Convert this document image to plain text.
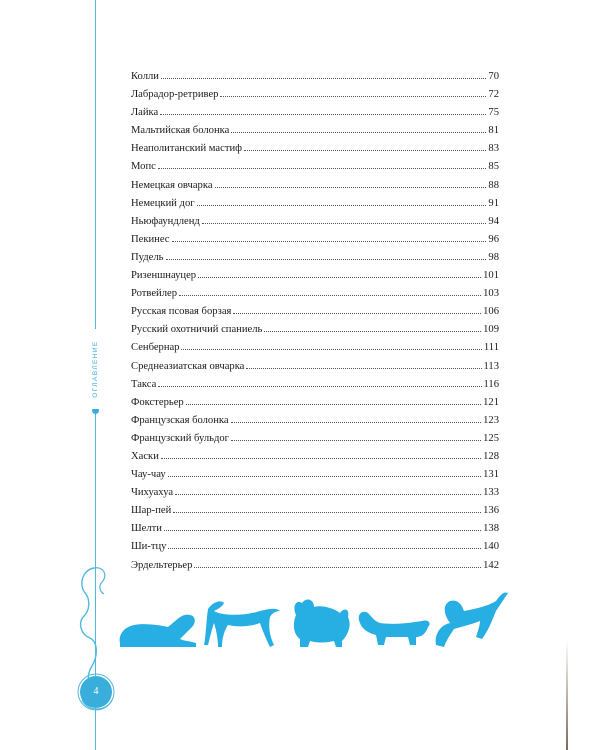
ОГЛАВЛЕНИЕ
Колли	70
Лабрадор-ретривер	72
Лайка	75
Мальтийская болонка	81
Неаполитанский мастиф	83
Мопс	85
Немецкая овчарка	88
Немецкий дог	91
Ньюфаундленд	94
Пекинес	96
Пудель	98
Ризеншнауцер	101
Ротвейлер	103
Русская псовая борзая	106
Русский охотничий спаниель	109
Сенбернар	111
Среднеазиатская овчарка	113
Такса	116
Фокстерьер	121
Французская болонка	123
Французский бульдог	125
Хаски	128
Чау-чау	131
Чихуахуа	133
Шар-пей	136
Шелти	138
Ши-тцу	140
Эрдельтерьер	142
4
